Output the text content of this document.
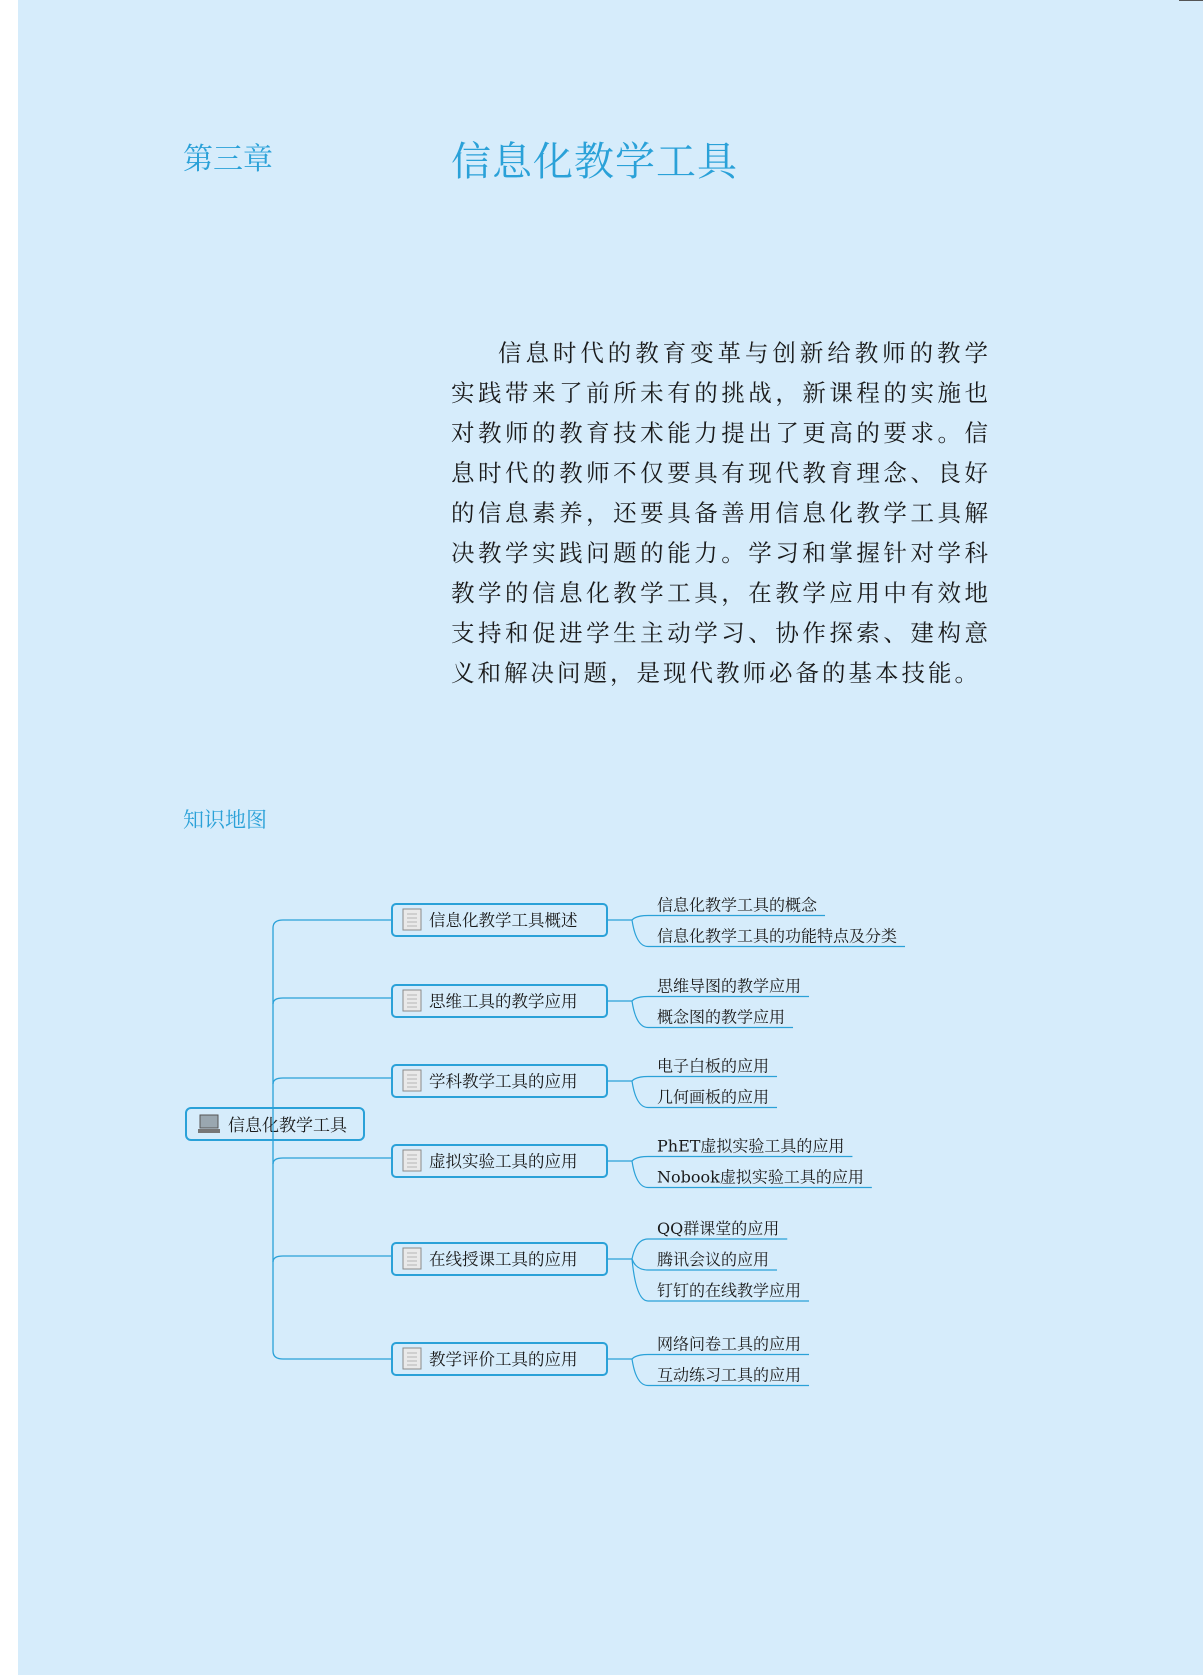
第三章	信息化教学工具
信息时代的教育变革与创新给教师的教学实践带来了前所未有的挑战，新课程的实施也对教师的教育技术能力提出了更高的要求。信息时代的教师不仅要具有现代教育理念、良好的信息素养，还要具备善用信息化教学工具解决教学实践问题的能力。学习和掌握针对学科教学的信息化教学工具，在教学应用中有效地支持和促进学生主动学习、协作探索、建构意义和解决问题，是现代教师必备的基本技能。
知识地图
信息化教学工具
信息化教学工具概述
信息化教学工具的概念
信息化教学工具的功能特点及分类
思维工具的教学应用
思维导图的教学应用
概念图的教学应用
学科教学工具的应用
电子白板的应用
几何画板的应用
虚拟实验工具的应用
PhET虚拟实验工具的应用
Nobook虚拟实验工具的应用
在线授课工具的应用
QQ群课堂的应用
腾讯会议的应用
钉钉的在线教学应用
教学评价工具的应用
网络问卷工具的应用
互动练习工具的应用
